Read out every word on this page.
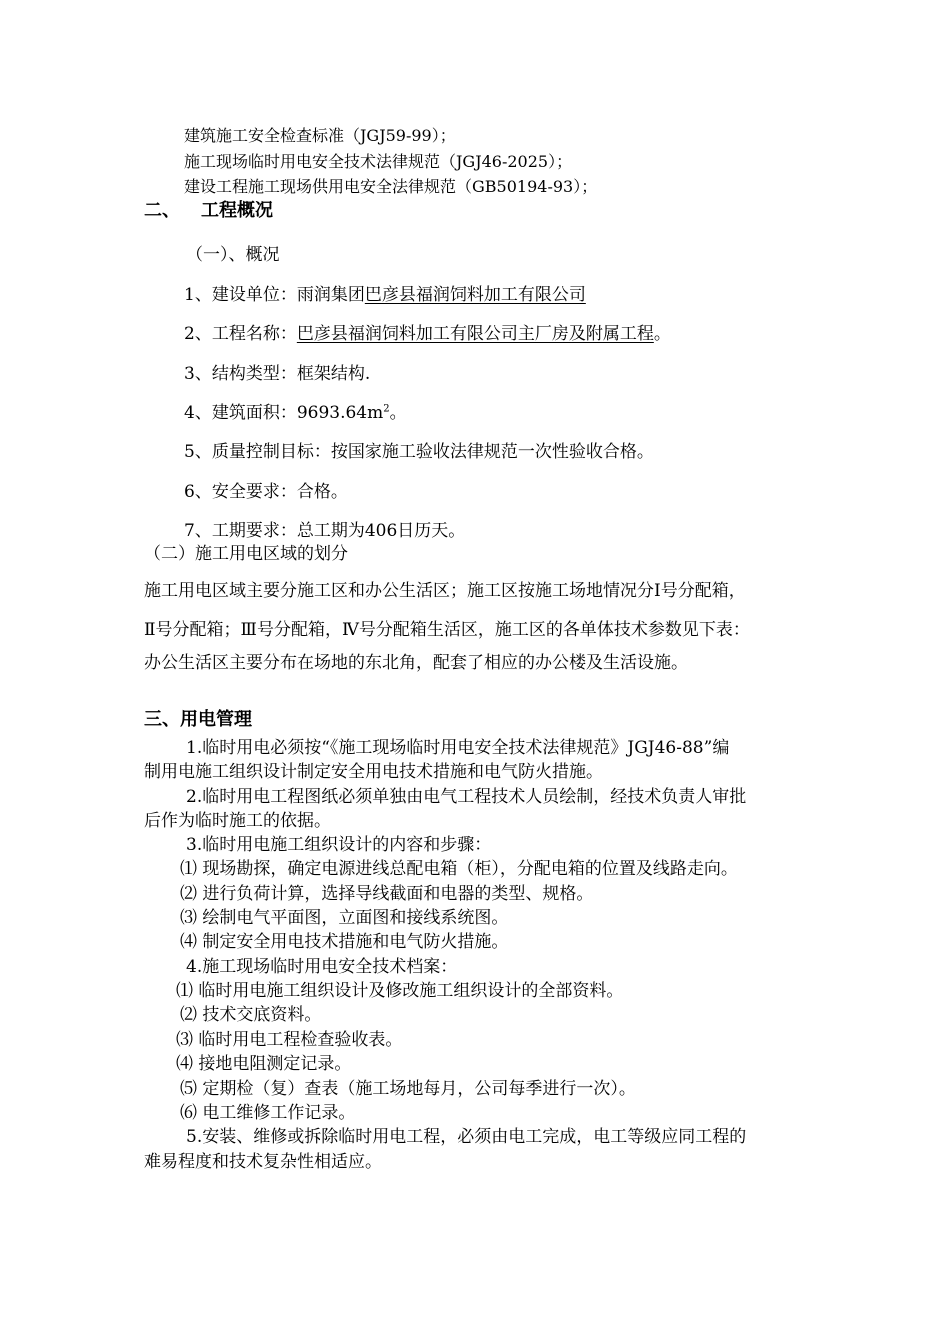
建筑施工安全检查标准（JGJ59-99）；
施工现场临时用电安全技术法律规范（JGJ46-2025）；
建设工程施工现场供用电安全法律规范（GB50194-93）；
二、 工程概况
（一）、概况
1、建设单位：雨润集团巴彦县福润饲料加工有限公司
2、工程名称：巴彦县福润饲料加工有限公司主厂房及附属工程。
3、结构类型：框架结构.
4、建筑面积：$9693.64m^2$。
5、质量控制目标：按国家施工验收法律规范一次性验收合格。
6、安全要求：合格。
7、工期要求：总工期为406日历天。
（二）施工用电区域的划分
施工用电区域主要分施工区和办公生活区；施工区按施工场地情况分Ⅰ号分配箱，
Ⅱ号分配箱；Ⅲ号分配箱，Ⅳ号分配箱生活区，施工区的各单体技术参数见下表：
办公生活区主要分布在场地的东北角，配套了相应的办公楼及生活设施。
三、用电管理
1.临时用电必须按“《施工现场临时用电安全技术法律规范》JGJ46-88”编
制用电施工组织设计制定安全用电技术措施和电气防火措施。
2.临时用电工程图纸必须单独由电气工程技术人员绘制，经技术负责人审批
后作为临时施工的依据。
3.临时用电施工组织设计的内容和步骤：
⑴ 现场勘探，确定电源进线总配电箱（柜），分配电箱的位置及线路走向。
⑵ 进行负荷计算，选择导线截面和电器的类型、规格。
⑶ 绘制电气平面图，立面图和接线系统图。
⑷ 制定安全用电技术措施和电气防火措施。
4.施工现场临时用电安全技术档案：
⑴ 临时用电施工组织设计及修改施工组织设计的全部资料。
⑵ 技术交底资料。
⑶ 临时用电工程检查验收表。
⑷ 接地电阻测定记录。
⑸ 定期检（复）查表（施工场地每月，公司每季进行一次）。
⑹ 电工维修工作记录。
5.安装、维修或拆除临时用电工程，必须由电工完成，电工等级应同工程的
难易程度和技术复杂性相适应。
